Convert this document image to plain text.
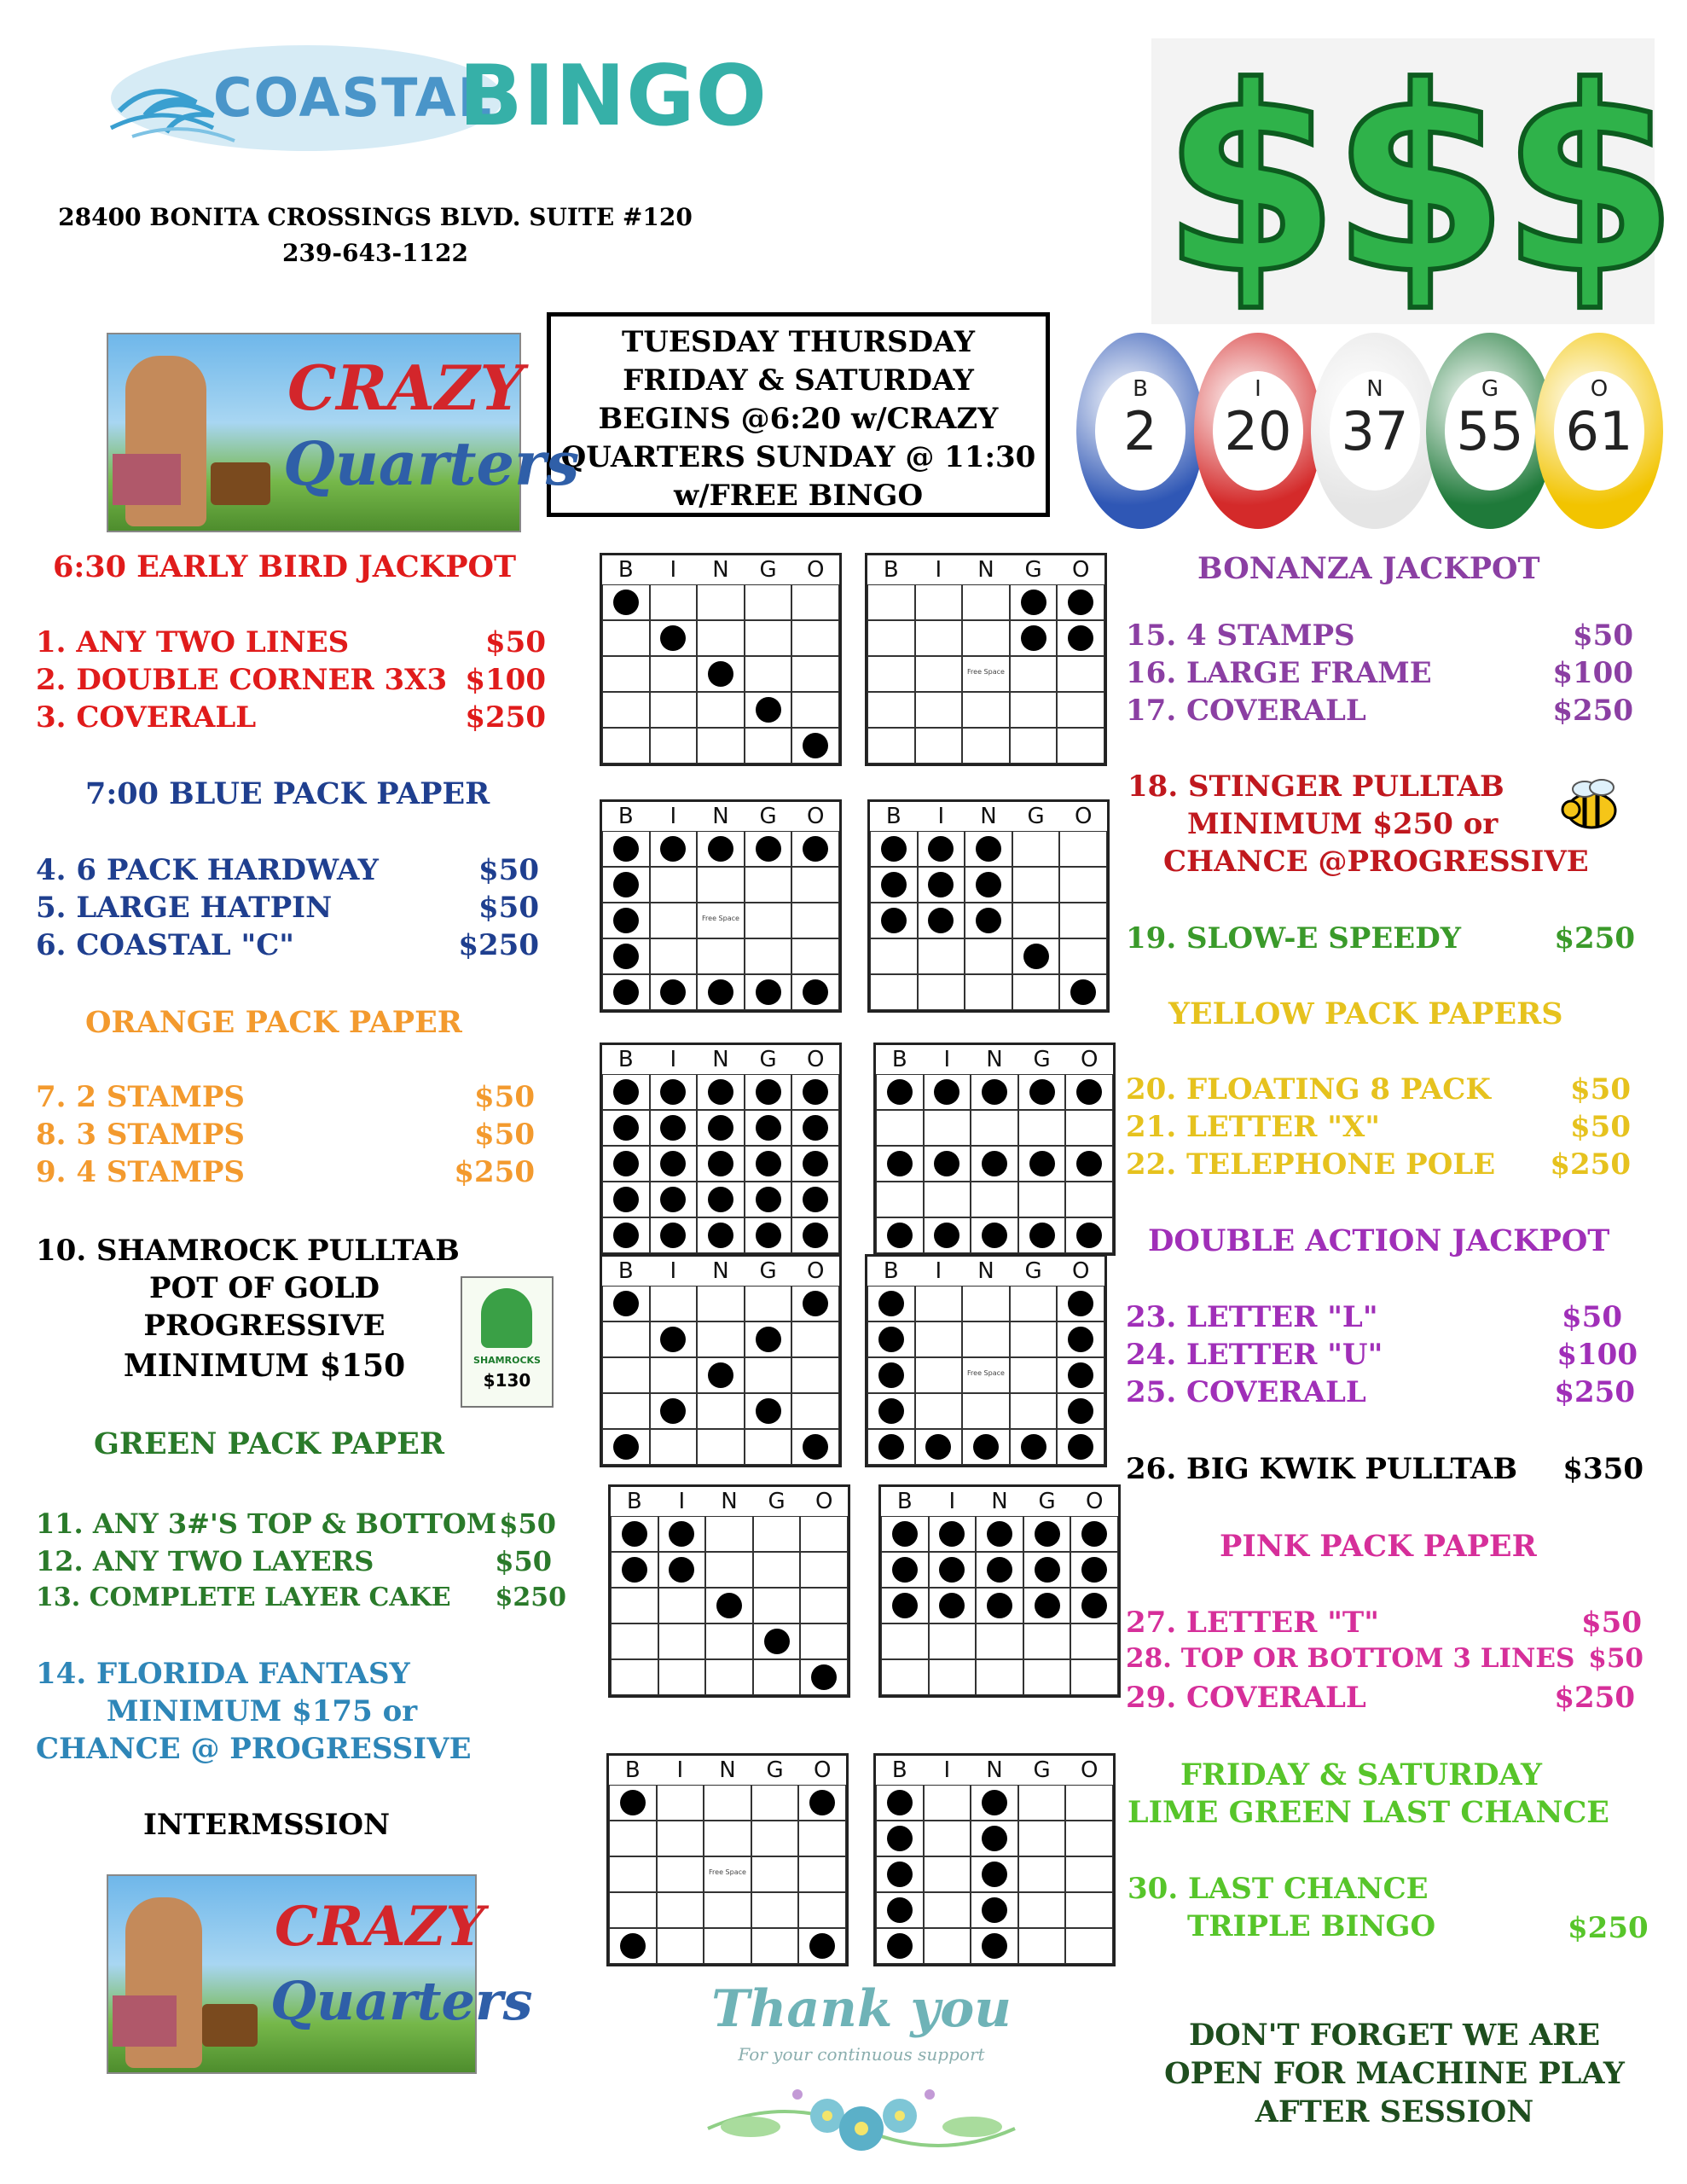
COASTAL
BINGO
28400 BONITA CROSSINGS BLVD. SUITE #120
239-643-1122	$$$
TUESDAY THURSDAY
FRIDAY & SATURDAY
BEGINS @6:20 w/CRAZY
QUARTERS SUNDAY @ 11:30
w/FREE BINGO
B
2
I
20
N
37
G
55
O
61
CRAZY
Quarters
CRAZY
Quarters
6:30 EARLY BIRD JACKPOT
1. ANY TWO LINES	$50
2. DOUBLE CORNER 3X3 $100
3. COVERALL	$250
7:00 BLUE PACK PAPER
4. 6 PACK HARDWAY	$50
5. LARGE HATPIN	$50
6. COASTAL "C"	$250
ORANGE PACK PAPER
7. 2 STAMPS	$50
8. 3 STAMPS	$50
9. 4 STAMPS	$250
10. SHAMROCK PULLTAB
POT OF GOLD
PROGRESSIVE
MINIMUM $150	SHAMROCKS
$130
GREEN PACK PAPER
11. ANY 3#'S TOP & BOTTOM $50
12. ANY TWO LAYERS	$50
13. COMPLETE LAYER CAKE $250
14. FLORIDA FANTASY
MINIMUM $175 or
CHANCE @ PROGRESSIVE
INTERMSSION
B	I	N	G	O	B	I	N	G	O
Free Space
B	I	N	G	O
Free Space
B	I	N	G	O
B	I	N	G	O	B	I	N	G	O
B	I	N	G	O	B	I	N	G	O
Free Space
B	I	N	G	O	B	I	N	G	O
B	I	N	G	O
Free Space
B	I	N	G	O
BONANZA JACKPOT
15. 4 STAMPS	$50
16. LARGE FRAME	$100
17. COVERALL	$250
18. STINGER PULLTAB
MINIMUM $250 or
CHANCE @PROGRESSIVE
19. SLOW-E SPEEDY	$250
YELLOW PACK PAPERS
20. FLOATING 8 PACK	$50
21. LETTER "X"	$50
22. TELEPHONE POLE $250
DOUBLE ACTION JACKPOT
23. LETTER "L"	$50
24. LETTER "U"	$100
25. COVERALL	$250
26. BIG KWIK PULLTAB $350
PINK PACK PAPER
27. LETTER "T"	$50
28. TOP OR BOTTOM 3 LINES $50
29. COVERALL	$250
FRIDAY & SATURDAY
LIME GREEN LAST CHANCE
30. LAST CHANCE
TRIPLE BINGO	$250
DON'T FORGET WE ARE
OPEN FOR MACHINE PLAY
AFTER SESSION
Thank you
For your continuous support
